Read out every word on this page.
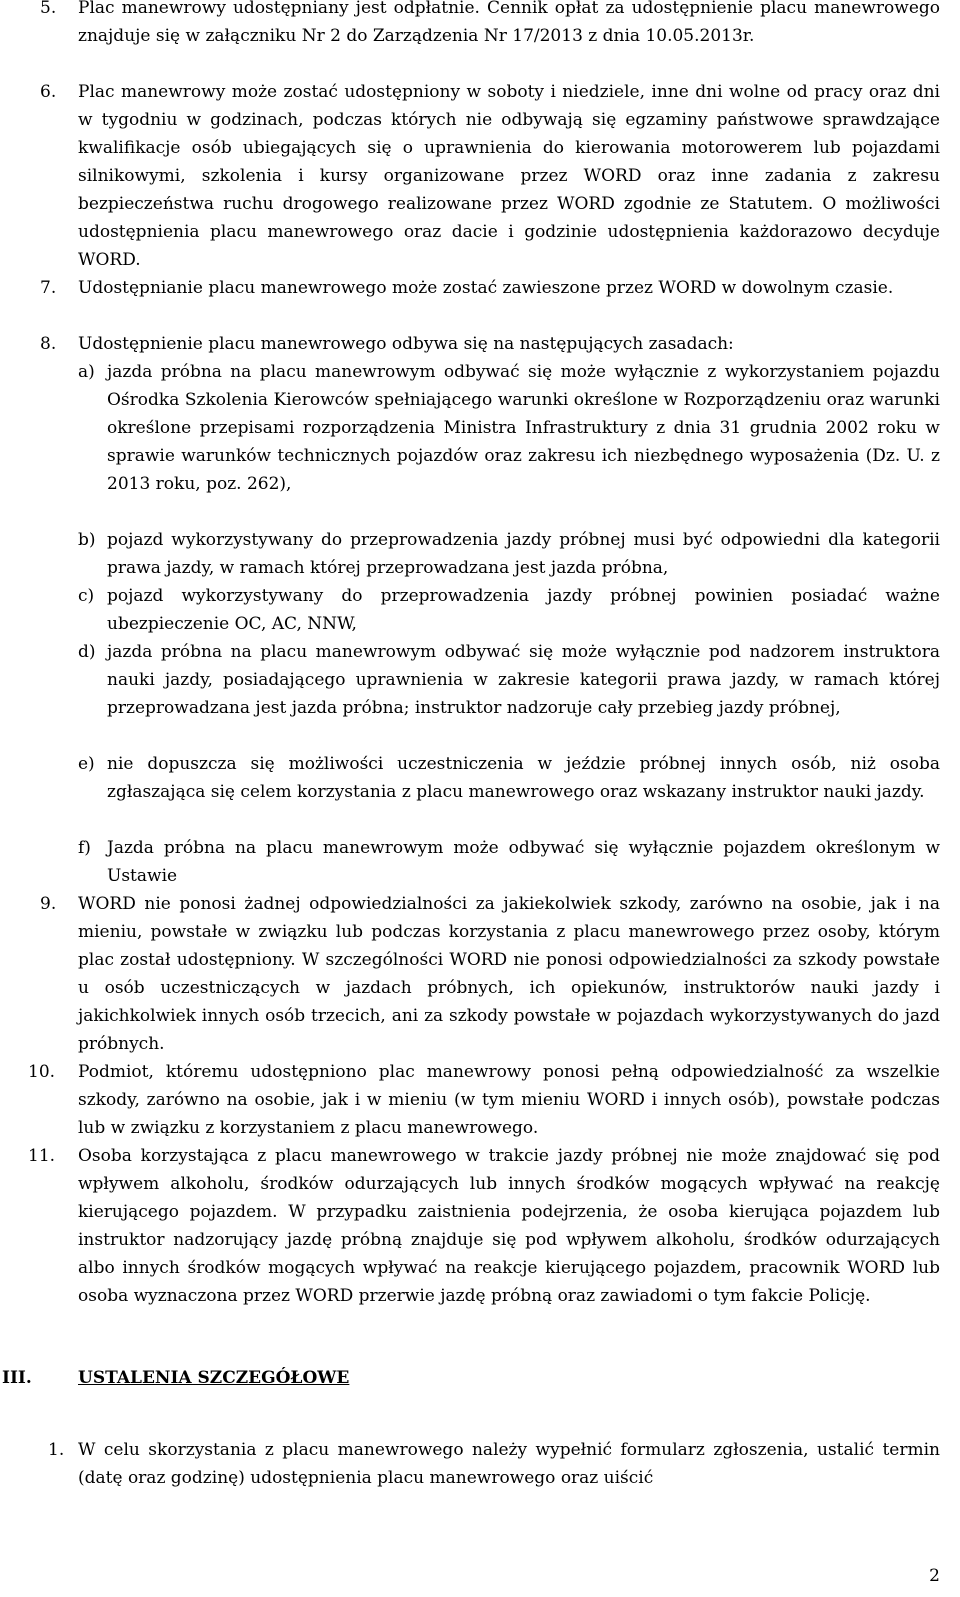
5. Plac manewrowy udostępniany jest odpłatnie. Cennik opłat za udostępnienie placu manewrowego znajduje się w załączniku Nr 2 do Zarządzenia Nr 17/2013 z dnia 10.05.2013r.
6. Plac manewrowy może zostać udostępniony w soboty i niedziele, inne dni wolne od pracy oraz dni w tygodniu w godzinach, podczas których nie odbywają się egzaminy państwowe sprawdzające kwalifikacje osób ubiegających się o uprawnienia do kierowania motorowerem lub pojazdami silnikowymi, szkolenia i kursy organizowane przez WORD oraz inne zadania z zakresu bezpieczeństwa ruchu drogowego realizowane przez WORD zgodnie ze Statutem. O możliwości udostępnienia placu manewrowego oraz dacie i godzinie udostępnienia każdorazowo decyduje WORD.
7. Udostępnianie placu manewrowego może zostać zawieszone przez WORD w dowolnym czasie.
8. Udostępnienie placu manewrowego odbywa się na następujących zasadach:
a) jazda próbna na placu manewrowym odbywać się może wyłącznie z wykorzystaniem pojazdu Ośrodka Szkolenia Kierowców spełniającego warunki określone w Rozporządzeniu oraz warunki określone przepisami rozporządzenia Ministra Infrastruktury z dnia 31 grudnia 2002 roku w sprawie warunków technicznych pojazdów oraz zakresu ich niezbędnego wyposażenia (Dz. U. z 2013 roku, poz. 262),
b) pojazd wykorzystywany do przeprowadzenia jazdy próbnej musi być odpowiedni dla kategorii prawa jazdy, w ramach której przeprowadzana jest jazda próbna,
c) pojazd wykorzystywany do przeprowadzenia jazdy próbnej powinien posiadać ważne ubezpieczenie OC, AC, NNW,
d) jazda próbna na placu manewrowym odbywać się może wyłącznie pod nadzorem instruktora nauki jazdy, posiadającego uprawnienia w zakresie kategorii prawa jazdy, w ramach której przeprowadzana jest jazda próbna; instruktor nadzoruje cały przebieg jazdy próbnej,
e) nie dopuszcza się możliwości uczestniczenia w jeździe próbnej innych osób, niż osoba zgłaszająca się celem korzystania z placu manewrowego oraz wskazany instruktor nauki jazdy.
f) Jazda próbna na placu manewrowym może odbywać się wyłącznie pojazdem określonym w Ustawie
9. WORD nie ponosi żadnej odpowiedzialności za jakiekolwiek szkody, zarówno na osobie, jak i na mieniu, powstałe w związku lub podczas korzystania z placu manewrowego przez osoby, którym plac został udostępniony. W szczególności WORD nie ponosi odpowiedzialności za szkody powstałe u osób uczestniczących w jazdach próbnych, ich opiekunów, instruktorów nauki jazdy i jakichkolwiek innych osób trzecich, ani za szkody powstałe w pojazdach wykorzystywanych do jazd próbnych.
10. Podmiot, któremu udostępniono plac manewrowy ponosi pełną odpowiedzialność za wszelkie szkody, zarówno na osobie, jak i w mieniu (w tym mieniu WORD i innych osób), powstałe podczas lub w związku z korzystaniem z placu manewrowego.
11. Osoba korzystająca z placu manewrowego w trakcie jazdy próbnej nie może znajdować się pod wpływem alkoholu, środków odurzających lub innych środków mogących wpływać na reakcję kierującego pojazdem. W przypadku zaistnienia podejrzenia, że osoba kierująca pojazdem lub instruktor nadzorujący jazdę próbną znajduje się pod wpływem alkoholu, środków odurzających albo innych środków mogących wpływać na reakcje kierującego pojazdem, pracownik WORD lub osoba wyznaczona przez WORD przerwie jazdę próbną oraz zawiadomi o tym fakcie Policję.
III.	USTALENIA SZCZEGÓŁOWE
1. W celu skorzystania z placu manewrowego należy wypełnić formularz zgłoszenia, ustalić termin (datę oraz godzinę) udostępnienia placu manewrowego oraz uiścić
2
